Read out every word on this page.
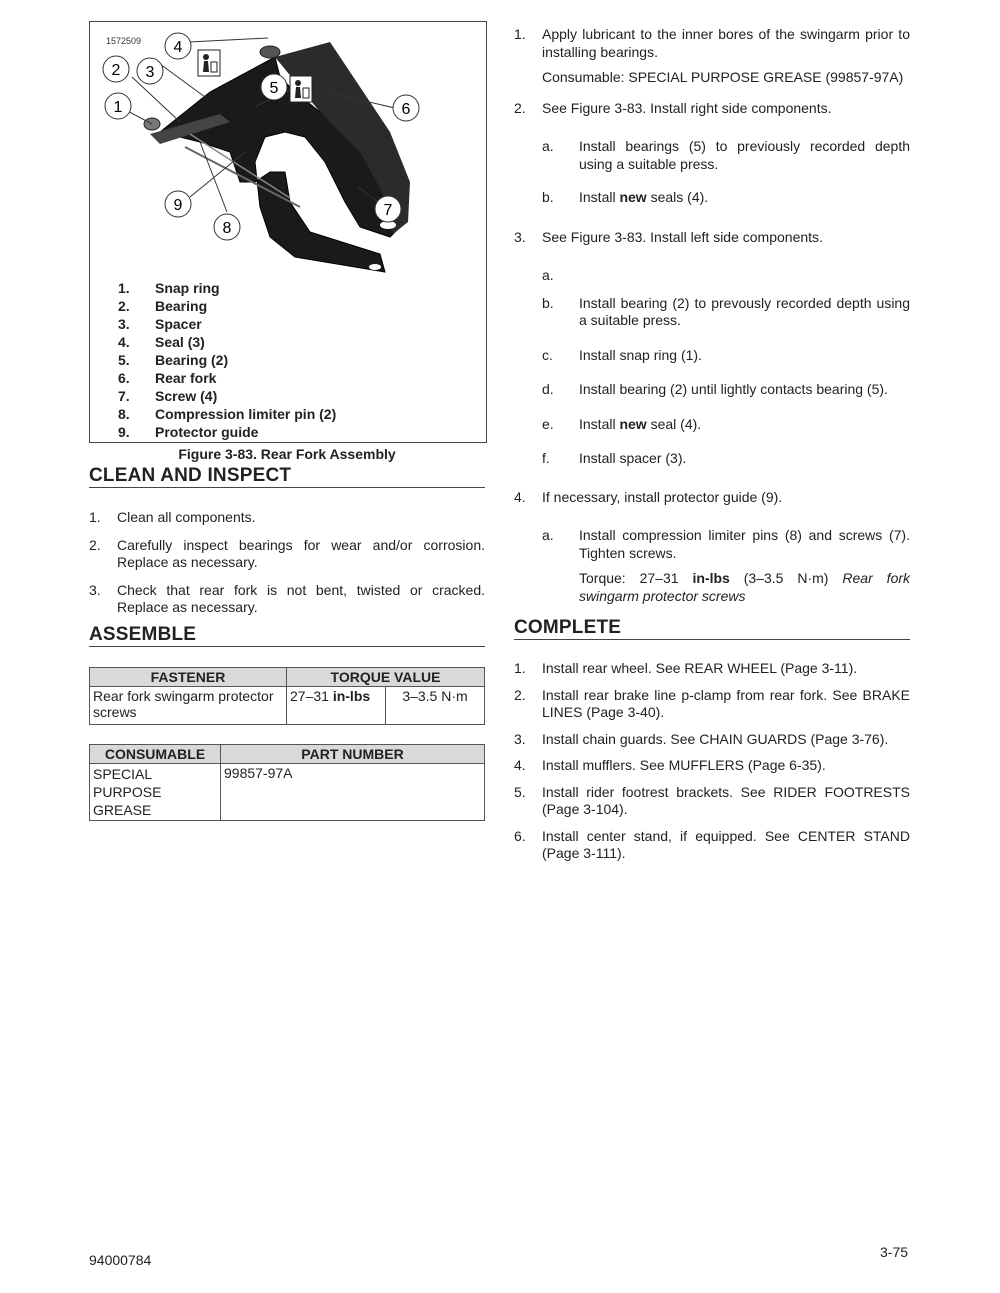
1572509 4
2 3
1
5
6
7
8
9
1.	Snap ring
2.	Bearing
3.	Spacer
4.	Seal (3)
5.	Bearing (2)
6.	Rear fork
7.	Screw (4)
8.	Compression limiter pin (2)
9.	Protector guide
Figure 3-83. Rear Fork Assembly
CLEAN AND INSPECT
1.	Clean all components.
2.	Carefully inspect bearings for wear and/or corrosion. Replace as necessary.
3.	Check that rear fork is not bent, twisted or cracked. Replace as necessary.
ASSEMBLE
FASTENER	TORQUE VALUE	
Rear fork swingarm protector screws	27–31 in-lbs	3–3.5 N·m
CONSUMABLE	PART NUMBER
SPECIAL PURPOSE GREASE	99857-97A
1.	Apply lubricant to the inner bores of the swingarm prior to installing bearings.
Consumable: SPECIAL PURPOSE GREASE (99857-97A)
2.	See Figure 3-83. Install right side components.
a.	Install bearings (5) to previously recorded depth using a suitable press.
b.	Install new seals (4).
3.	See Figure 3-83. Install left side components.
a.
b.	Install bearing (2) to prevously recorded depth using a suitable press.
c.	Install snap ring (1).
d.	Install bearing (2) until lightly contacts bearing (5).
e.	Install new seal (4).
f.	Install spacer (3).
4.	If necessary, install protector guide (9).
a.	Install compression limiter pins (8) and screws (7). Tighten screws.
Torque: 27–31 in-lbs (3–3.5 N·m) Rear fork swingarm protector screws
COMPLETE
1.	Install rear wheel. See REAR WHEEL (Page 3-11).
2.	Install rear brake line p-clamp from rear fork. See BRAKE LINES (Page 3-40).
3.	Install chain guards. See CHAIN GUARDS (Page 3-76).
4.	Install mufflers. See MUFFLERS (Page 6-35).
5.	Install rider footrest brackets. See RIDER FOOTRESTS (Page 3-104).
6.	Install center stand, if equipped. See CENTER STAND (Page 3-111).
94000784	3-75
